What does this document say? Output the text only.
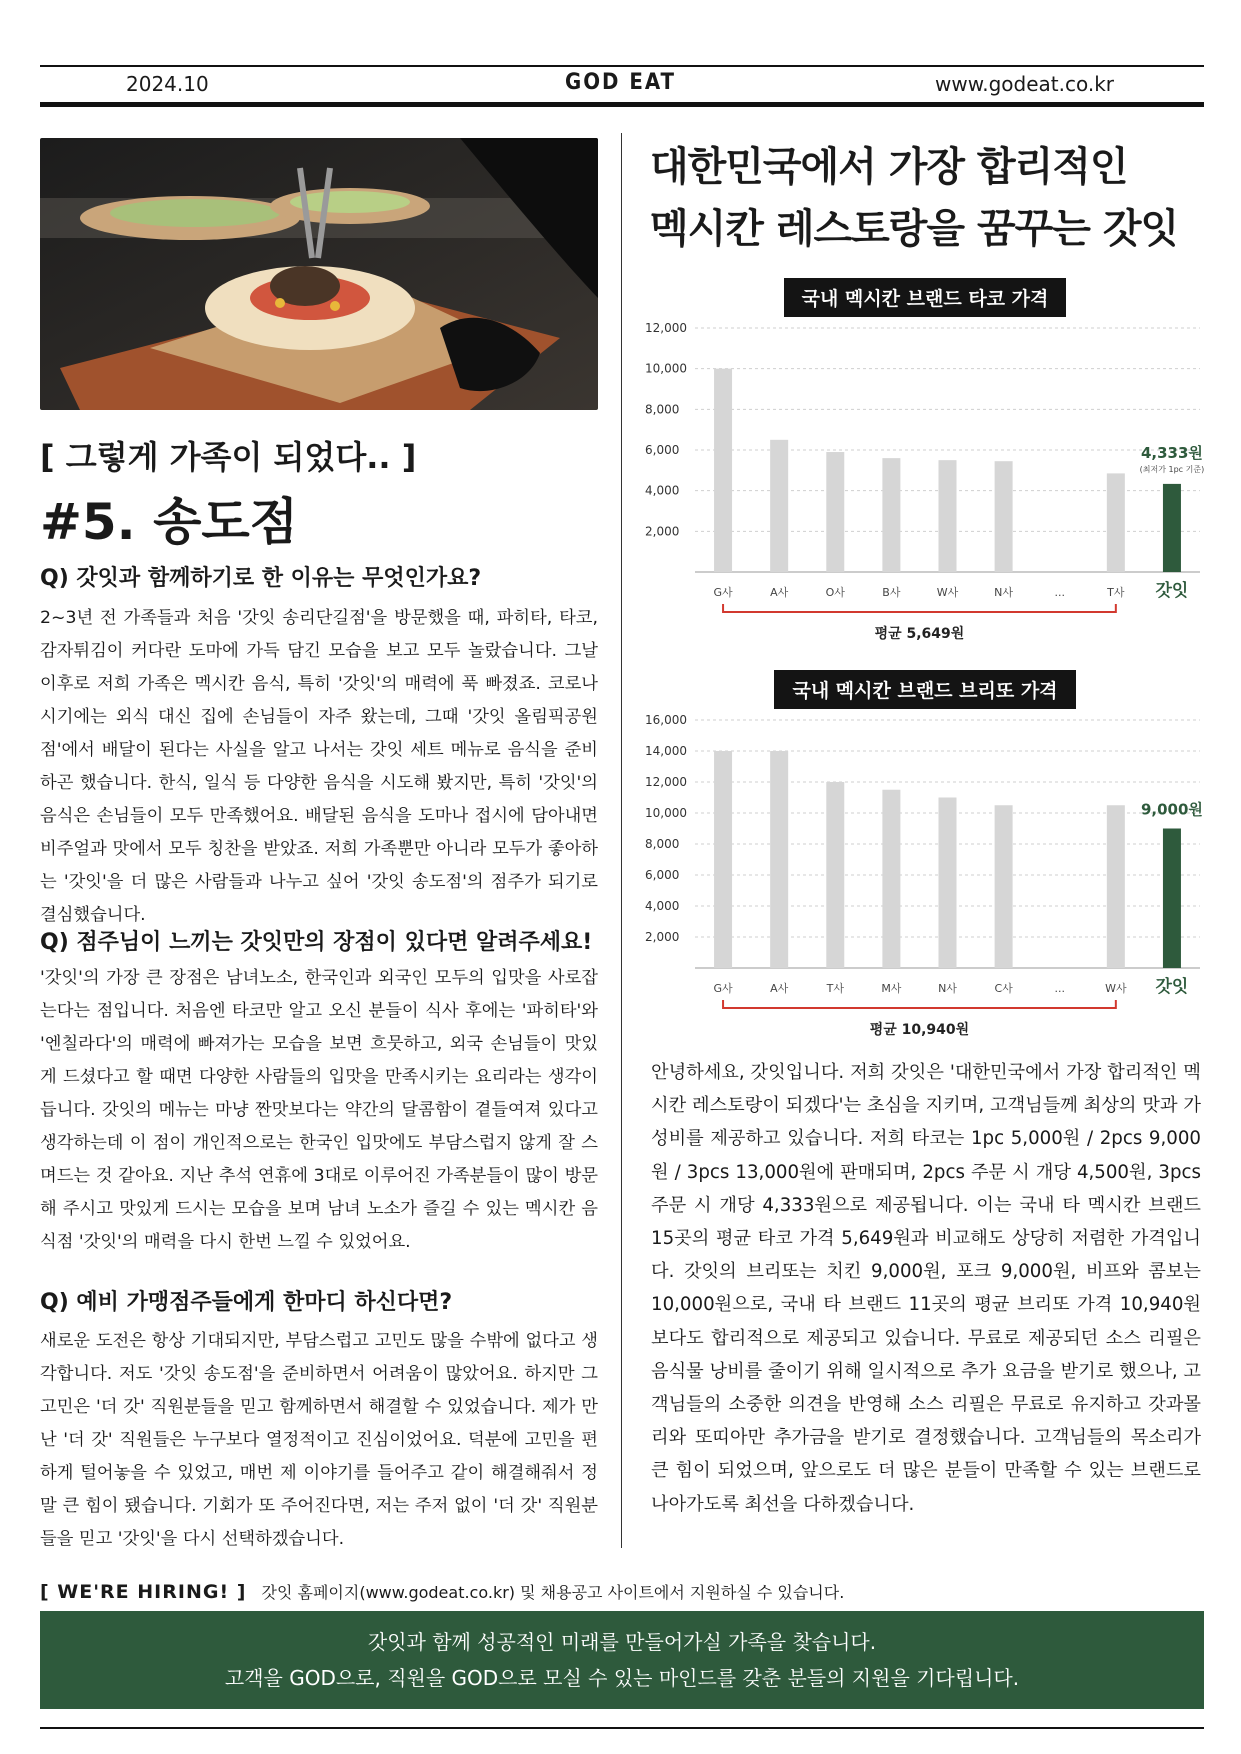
2024.10	GOD EAT	www.godeat.co.kr
[ 그렇게 가족이 되었다.. ]
#5. 송도점
Q) 갓잇과 함께하기로 한 이유는 무엇인가요?

2~3년 전 가족들과 처음 '갓잇 송리단길점'을 방문했을 때, 파히타, 타코, 감자튀김이 커다란 도마에 가득 담긴 모습을 보고 모두 놀랐습니다. 그날 이후로 저희 가족은 멕시칸 음식, 특히 '갓잇'의 매력에 푹 빠졌죠. 코로나 시기에는 외식 대신 집에 손님들이 자주 왔는데, 그때 '갓잇 올림픽공원점'에서 배달이 된다는 사실을 알고 나서는 갓잇 세트 메뉴로 음식을 준비하곤 했습니다. 한식, 일식 등 다양한 음식을 시도해 봤지만, 특히 '갓잇'의 음식은 손님들이 모두 만족했어요. 배달된 음식을 도마나 접시에 담아내면 비주얼과 맛에서 모두 칭찬을 받았죠. 저희 가족뿐만 아니라 모두가 좋아하는 '갓잇'을 더 많은 사람들과 나누고 싶어 '갓잇 송도점'의 점주가 되기로 결심했습니다.

Q) 점주님이 느끼는 갓잇만의 장점이 있다면 알려주세요!

'갓잇'의 가장 큰 장점은 남녀노소, 한국인과 외국인 모두의 입맛을 사로잡는다는 점입니다. 처음엔 타코만 알고 오신 분들이 식사 후에는 '파히타'와 '엔칠라다'의 매력에 빠져가는 모습을 보면 흐뭇하고, 외국 손님들이 맛있게 드셨다고 할 때면 다양한 사람들의 입맛을 만족시키는 요리라는 생각이 듭니다. 갓잇의 메뉴는 마냥 짠맛보다는 약간의 달콤함이 곁들여져 있다고 생각하는데 이 점이 개인적으로는 한국인 입맛에도 부담스럽지 않게 잘 스며드는 것 같아요. 지난 추석 연휴에 3대로 이루어진 가족분들이 많이 방문해 주시고 맛있게 드시는 모습을 보며 남녀 노소가 즐길 수 있는 멕시칸 음식점 '갓잇'의 매력을 다시 한번 느낄 수 있었어요.

Q) 예비 가맹점주들에게 한마디 하신다면?

새로운 도전은 항상 기대되지만, 부담스럽고 고민도 많을 수밖에 없다고 생각합니다. 저도 '갓잇 송도점'을 준비하면서 어려움이 많았어요. 하지만 그 고민은 '더 갓' 직원분들을 믿고 함께하면서 해결할 수 있었습니다. 제가 만난 '더 갓' 직원들은 누구보다 열정적이고 진심이었어요. 덕분에 고민을 편하게 털어놓을 수 있었고, 매번 제 이야기를 들어주고 같이 해결해줘서 정말 큰 힘이 됐습니다. 기회가 또 주어진다면, 저는 주저 없이 '더 갓' 직원분들을 믿고 '갓잇'을 다시 선택하겠습니다.

대한민국에서 가장 합리적인
멕시칸 레스토랑을 꿈꾸는 갓잇
국내 멕시칸 브랜드 타코 가격
2,000
4,000
6,000
8,000
10,000
12,000
G사	A사	O사	B사	W사	N사	...	T사 갓잇
4,333원
(최저가 1pc 기준)
평균 5,649원
국내 멕시칸 브랜드 브리또 가격
2,000
4,000
6,000
8,000
10,000
12,000
14,000
16,000
G사	A사	T사	M사	N사	C사	...	W사 갓잇
9,000원
평균 10,940원

안녕하세요, 갓잇입니다. 저희 갓잇은 '대한민국에서 가장 합리적인 멕시칸 레스토랑이 되겠다'는 초심을 지키며, 고객님들께 최상의 맛과 가성비를 제공하고 있습니다. 저희 타코는 1pc 5,000원 / 2pcs 9,000원 / 3pcs 13,000원에 판매되며, 2pcs 주문 시 개당 4,500원, 3pcs 주문 시 개당 4,333원으로 제공됩니다. 이는 국내 타 멕시칸 브랜드 15곳의 평균 타코 가격 5,649원과 비교해도 상당히 저렴한 가격입니다. 갓잇의 브리또는 치킨 9,000원, 포크 9,000원, 비프와 콤보는 10,000원으로, 국내 타 브랜드 11곳의 평균 브리또 가격 10,940원보다도 합리적으로 제공되고 있습니다. 무료로 제공되던 소스 리필은 음식물 낭비를 줄이기 위해 일시적으로 추가 요금을 받기로 했으나, 고객님들의 소중한 의견을 반영해 소스 리필은 무료로 유지하고 갓과몰리와 또띠아만 추가금을 받기로 결정했습니다. 고객님들의 목소리가 큰 힘이 되었으며, 앞으로도 더 많은 분들이 만족할 수 있는 브랜드로 나아가도록 최선을 다하겠습니다.

[ WE'RE HIRING! ] 갓잇 홈페이지(www.godeat.co.kr) 및 채용공고 사이트에서 지원하실 수 있습니다.
갓잇과 함께 성공적인 미래를 만들어가실 가족을 찾습니다.
고객을 GOD으로, 직원을 GOD으로 모실 수 있는 마인드를 갖춘 분들의 지원을 기다립니다.
